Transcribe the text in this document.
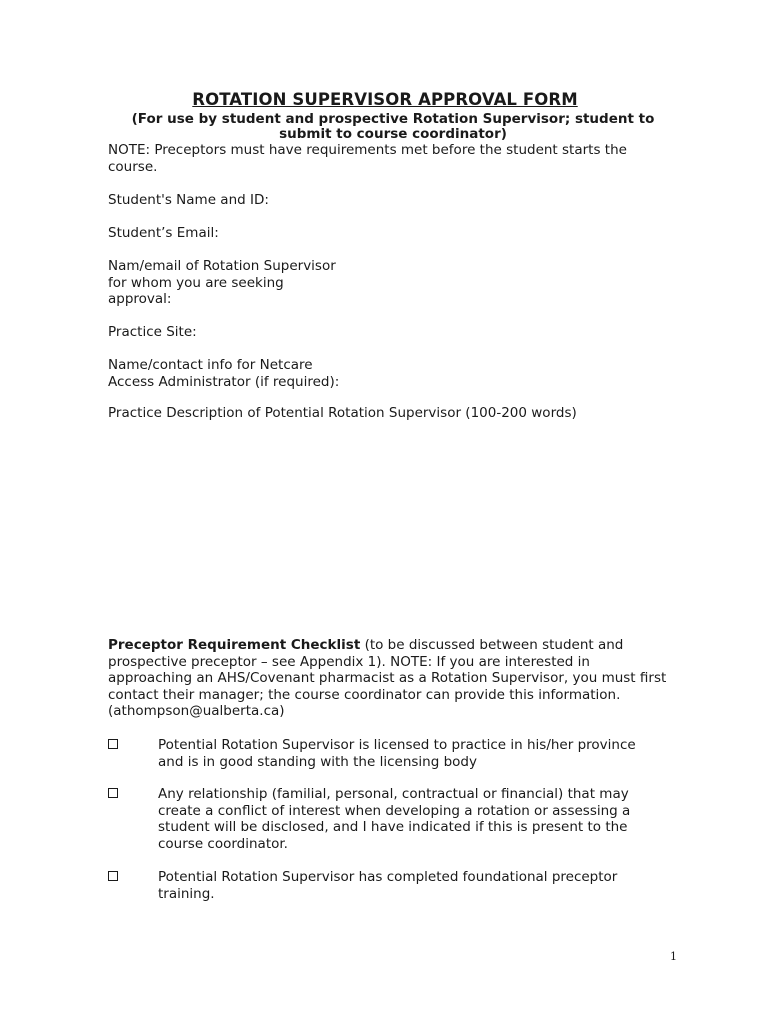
ROTATION SUPERVISOR APPROVAL FORM
(For use by student and prospective Rotation Supervisor; student to submit to course coordinator)
NOTE: Preceptors must have requirements met before the student starts the course.
Student's Name and ID:
Student’s Email:
Nam/email of Rotation Supervisor for whom you are seeking approval:
Practice Site:
Name/contact info for Netcare Access Administrator (if required):
Practice Description of Potential Rotation Supervisor (100-200 words)
Preceptor Requirement Checklist (to be discussed between student and prospective preceptor – see Appendix 1). NOTE: If you are interested in approaching an AHS/Covenant pharmacist as a Rotation Supervisor, you must first contact their manager; the course coordinator can provide this information. (athompson@ualberta.ca)
Potential Rotation Supervisor is licensed to practice in his/her province and is in good standing with the licensing body
Any relationship (familial, personal, contractual or financial) that may create a conflict of interest when developing a rotation or assessing a student will be disclosed, and I have indicated if this is present to the course coordinator.
Potential Rotation Supervisor has completed foundational preceptor training.
1
